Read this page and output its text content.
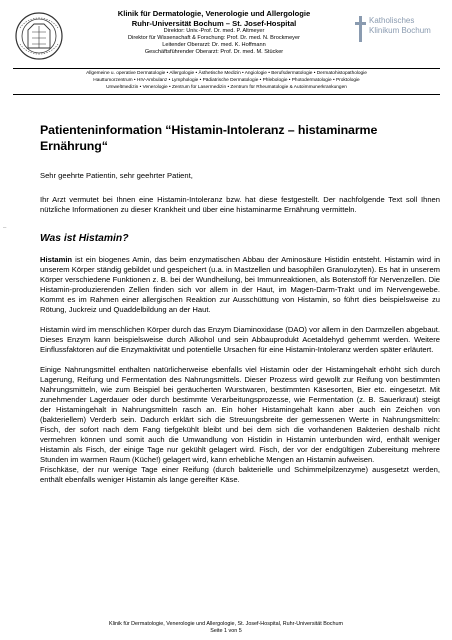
Klinik für Dermatologie, Venerologie und Allergologie
Ruhr-Universität Bochum – St. Josef-Hospital
Direktor: Univ.-Prof. Dr. med. P. Altmeyer
Direktor für Wissenschaft & Forschung: Prof. Dr. med. N. Brockmeyer
Leitender Oberarzt: Dr. med. K. Hoffmann
Geschäftsführender Oberarzt: Prof. Dr. med. M. Stücker
Katholisches
Klinikum Bochum
Allgemeine u. operative Dermatologie • Allergologie • Ästhetische Medizin • Angiologie • Berufsdermatologie • Dermatohistopathologie
Hauttumorzentrum • HIV-Ambulanz • Lymphologie • Pädiatrische Dermatologie • Phlebologie • Photodermatologie • Proktologie
Umweltmedizin • Venerologie • Zentrum für Lasermedizin • Zentrum für Rheumatologie & Autoimmunerkrankungen
–
Patienteninformation “Histamin-Intoleranz – histaminarme
Ernährung“

Sehr geehrte Patientin, sehr geehrter Patient,

Ihr Arzt vermutet bei Ihnen eine Histamin-Intoleranz bzw. hat diese festgestellt. Der nachfolgende Text soll Ihnen nützliche Informationen zu dieser Krankheit und über eine histaminarme Ernährung vermitteln.

Was ist Histamin?

Histamin ist ein biogenes Amin, das beim enzymatischen Abbau der Aminosäure Histidin entsteht. Histamin wird in unserem Körper ständig gebildet und gespeichert (u.a. in Mastzellen und basophilen Granulozyten). Es hat in unserem Körper verschiedene Funktionen z. B. bei der Wundheilung, bei Immunreaktionen, als Botenstoff für Nervenzellen. Die Histamin-produzierenden Zellen finden sich vor allem in der Haut, im Magen-Darm-Trakt und im Nervengewebe. Kommt es im Rahmen einer allergischen Reaktion zur Ausschüttung von Histamin, so führt dies beispielsweise zu Rötung, Juckreiz und Quaddelbildung an der Haut.

Histamin wird im menschlichen Körper durch das Enzym Diaminoxidase (DAO) vor allem in den Darmzellen abgebaut. Dieses Enzym kann beispielsweise durch Alkohol und sein Abbauprodukt Acetaldehyd gehemmt werden. Weitere Einflussfaktoren auf die Enzymaktivität und potentielle Ursachen für eine Histamin-Intoleranz werden später erläutert.

Einige Nahrungsmittel enthalten natürlicherweise ebenfalls viel Histamin oder der Histamingehalt erhöht sich durch Lagerung, Reifung und Fermentation des Nahrungsmittels. Dieser Prozess wird gewollt zur Reifung von bestimmten Nahrungsmitteln, wie zum Beispiel bei geräucherten Wurstwaren, bestimmten Käsesorten, Bier etc. eingesetzt. Mit zunehmender Lagerdauer oder durch bestimmte Verarbeitungsprozesse, wie Fermentation (z. B. Sauerkraut) steigt der Histamingehalt in Nahrungsmitteln rasch an. Ein hoher Histamingehalt kann aber auch ein Zeichen von (bakteriellem) Verderb sein. Dadurch erklärt sich die Streuungsbreite der gemessenen Werte in Nahrungsmitteln: Fisch, der sofort nach dem Fang tiefgekühlt bleibt und bei dem sich die vorhandenen Bakterien deshalb nicht vermehren können und somit auch die Umwandlung von Histidin in Histamin unterbunden wird, enthält weniger Histamin als Fisch, der einige Tage nur gekühlt gelagert wird. Fisch, der vor der endgültigen Zubereitung mehrere Stunden im warmen Raum (Küche!) gelagert wird, kann erhebliche Mengen an Histamin aufweisen.

Frischkäse, der nur wenige Tage einer Reifung (durch bakterielle und Schimmelpilzenzyme) ausgesetzt werden, enthält ebenfalls weniger Histamin als lange gereifter Käse.

Klinik für Dermatologie, Venerologie und Allergologie, St. Josef-Hospital, Ruhr-Universität Bochum
Seite 1 von 5
